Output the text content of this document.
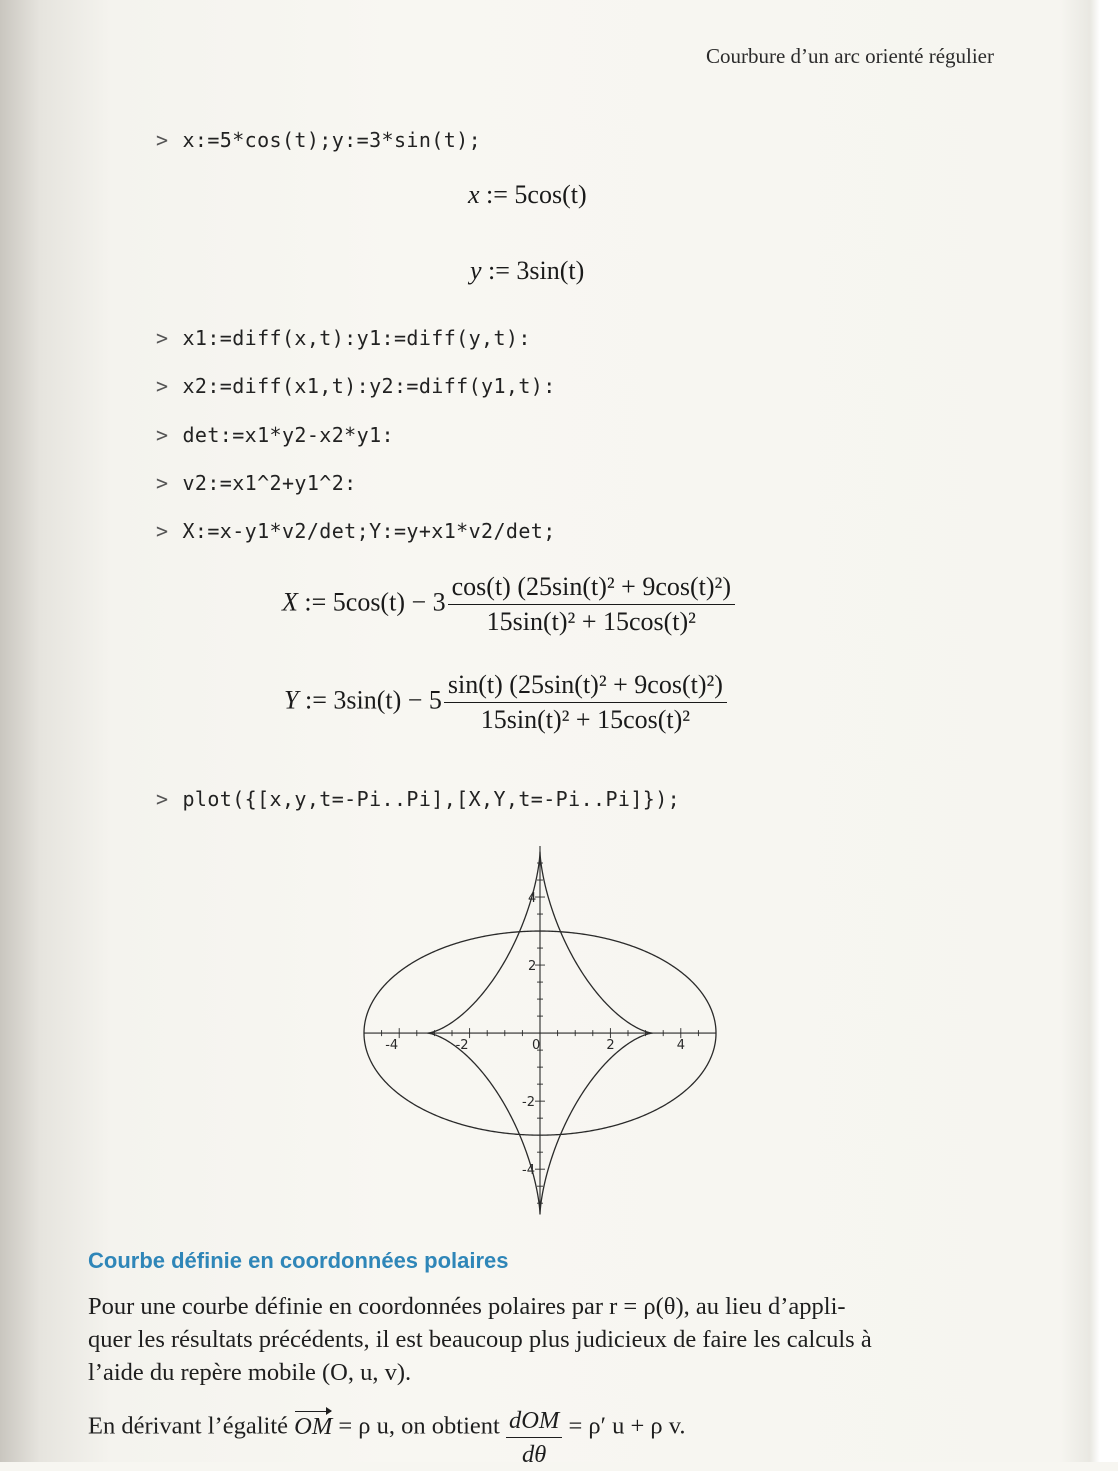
Courbure d’un arc orienté régulier
> x:=5*cos(t);y:=3*sin(t);
x := 5cos(t)
y := 3sin(t)
> x1:=diff(x,t):y1:=diff(y,t):
> x2:=diff(x1,t):y2:=diff(y1,t):
> det:=x1*y2-x2*y1:
> v2:=x1^2+y1^2:
> X:=x-y1*v2/det;Y:=y+x1*v2/det;
X := $5\cos(t) - 3 \frac{\text{cos(t) (25sin(t)² + 9cos(t)²)}}{\text{15sin(t)² + 15cos(t)²}}$
Y := $3\sin(t) - 5 \frac{\text{sin(t) (25sin(t)² + 9cos(t)²)}}{\text{15sin(t)² + 15cos(t)²}}$
> plot({[x,y,t=-Pi..Pi],[X,Y,t=-Pi..Pi]});
-4	-2	0	2	4
4
2
-2
-4
Courbe définie en coordonnées polaires
Pour une courbe définie en coordonnées polaires par r = ρ(θ), au lieu d’appli-
quer les résultats précédents, il est beaucoup plus judicieux de faire les calculs à
l’aide du repère mobile (O, u, v).
En dérivant l’égalité OM = ρ u, on obtient $\frac{\text{dOM}}{d\theta} = \rho'$ u + ρ v.
